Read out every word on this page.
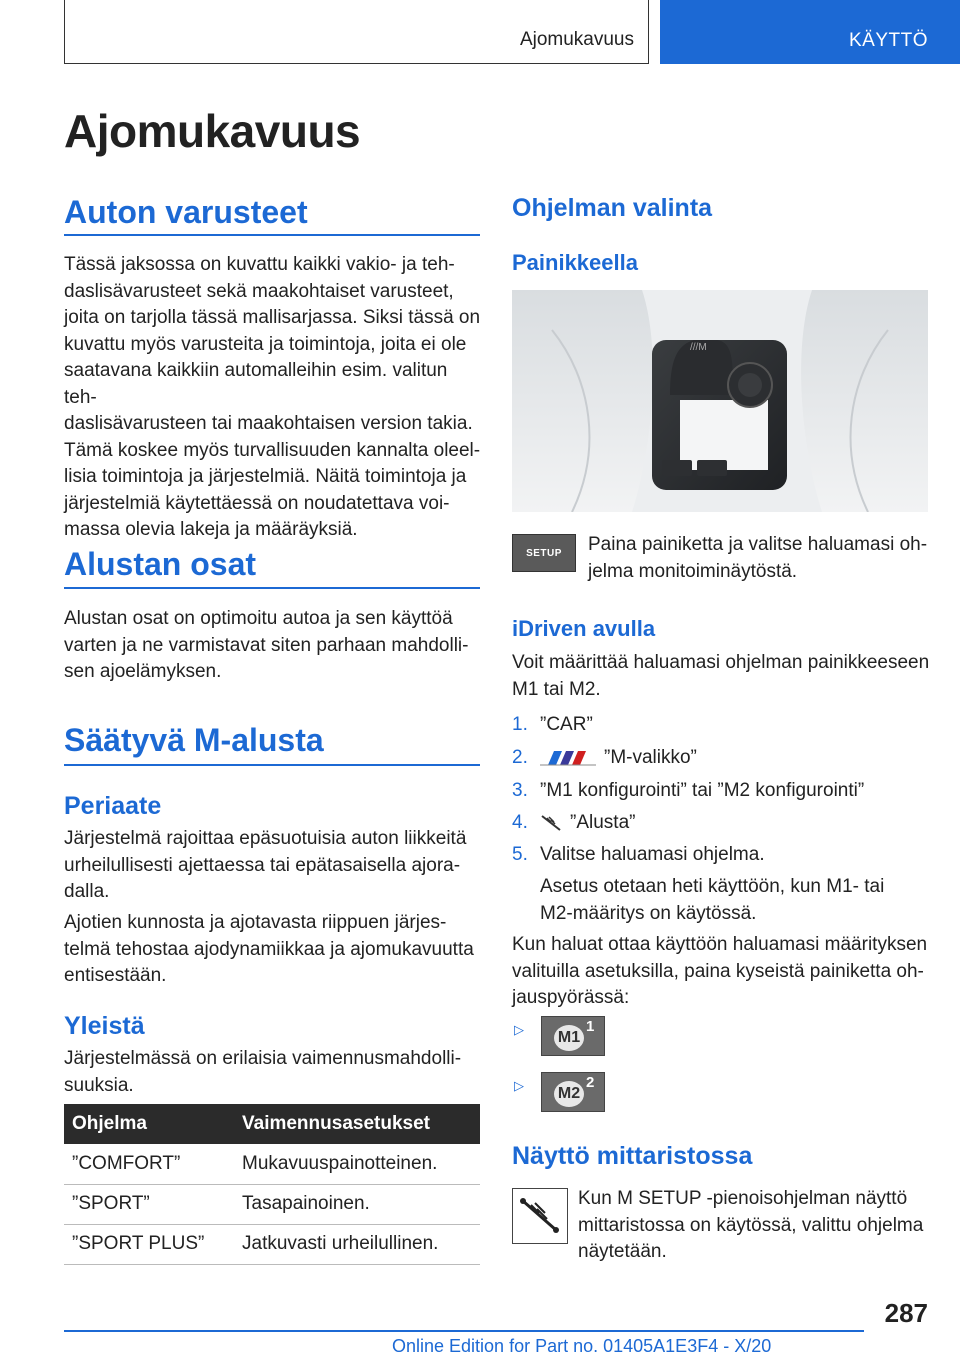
Ajomukavuus	KÄYTTÖ
Ajomukavuus
Auton varusteet
Tässä jaksossa on kuvattu kaikki vakio- ja teh-
daslisävarusteet sekä maakohtaiset varusteet,
joita on tarjolla tässä mallisarjassa. Siksi tässä on
kuvattu myös varusteita ja toimintoja, joita ei ole
saatavana kaikkiin automalleihin esim. valitun teh-
daslisävarusteen tai maakohtaisen version takia.
Tämä koskee myös turvallisuuden kannalta oleel-
lisia toimintoja ja järjestelmiä. Näitä toimintoja ja
järjestelmiä käytettäessä on noudatettava voi-
massa olevia lakeja ja määräyksiä.
Alustan osat
Alustan osat on optimoitu autoa ja sen käyttöä
varten ja ne varmistavat siten parhaan mahdolli-
sen ajoelämyksen.
Säätyvä M-alusta
Periaate
Järjestelmä rajoittaa epäsuotuisia auton liikkeitä
urheilullisesti ajettaessa tai epätasaisella ajora-
dalla.
Ajotien kunnosta ja ajotavasta riippuen järjes-
telmä tehostaa ajodynamiikkaa ja ajomukavuutta
entisestään.
Yleistä
Järjestelmässä on erilaisia vaimennusmahdolli-
suuksia.
Ohjelma	Vaimennusasetukset
”COMFORT”	Mukavuuspainotteinen.
”SPORT”	Tasapainoinen.
”SPORT PLUS”	Jatkuvasti urheilullinen.
Ohjelman valinta
Painikkeella
///M
SETUP Paina painiketta ja valitse haluamasi oh-
jelma monitoiminäytöstä.
iDriven avulla
Voit määrittää haluamasi ohjelman painikkeeseen
M1 tai M2.
1. ”CAR”
2.	”M-valikko”
3. ”M1 konfigurointi” tai ”M2 konfigurointi”
4. ”Alusta”
5. Valitse haluamasi ohjelma.
Asetus otetaan heti käyttöön, kun M1- tai
M2-määritys on käytössä.
Kun haluat ottaa käyttöön haluamasi määrityksen
valituilla asetuksilla, paina kyseistä painiketta oh-
jauspyörässä:
▷ M1
1
▷ M2
2
Näyttö mittaristossa
Kun M SETUP -pienoisohjelman näyttö
mittaristossa on käytössä, valittu ohjelma
näytetään.
287
Online Edition for Part no. 01405A1E3F4 - X/20
